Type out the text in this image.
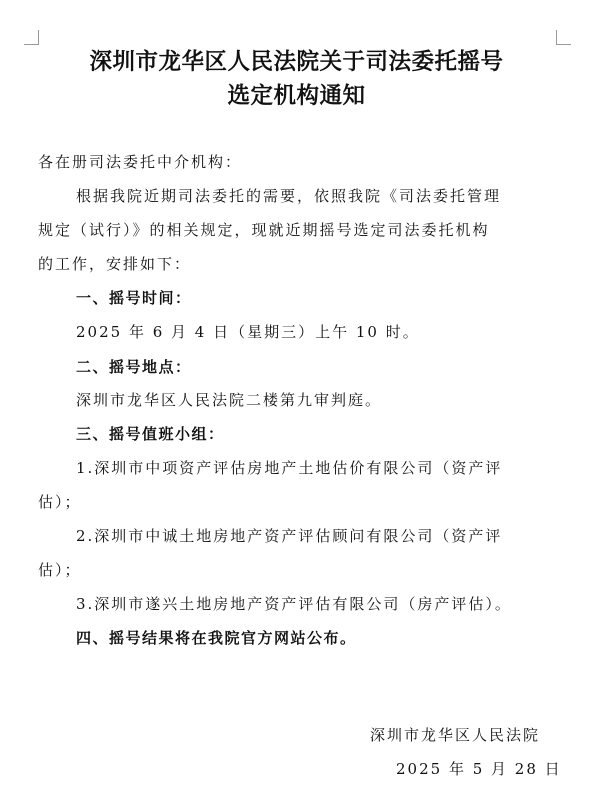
深圳市龙华区人民法院关于司法委托摇号
选定机构通知
各在册司法委托中介机构：
根据我院近期司法委托的需要，依照我院《司法委托管理
规定（试行）》的相关规定，现就近期摇号选定司法委托机构
的工作，安排如下：
一、摇号时间：
2025 年 6 月 4 日（星期三）上午 10 时。
二、摇号地点：
深圳市龙华区人民法院二楼第九审判庭。
三、摇号值班小组：
1.深圳市中项资产评估房地产土地估价有限公司（资产评
估）；
2.深圳市中诚土地房地产资产评估顾问有限公司（资产评
估）；
3.深圳市遂兴土地房地产资产评估有限公司（房产评估）。
四、摇号结果将在我院官方网站公布。
深圳市龙华区人民法院
2025 年 5 月 28 日
